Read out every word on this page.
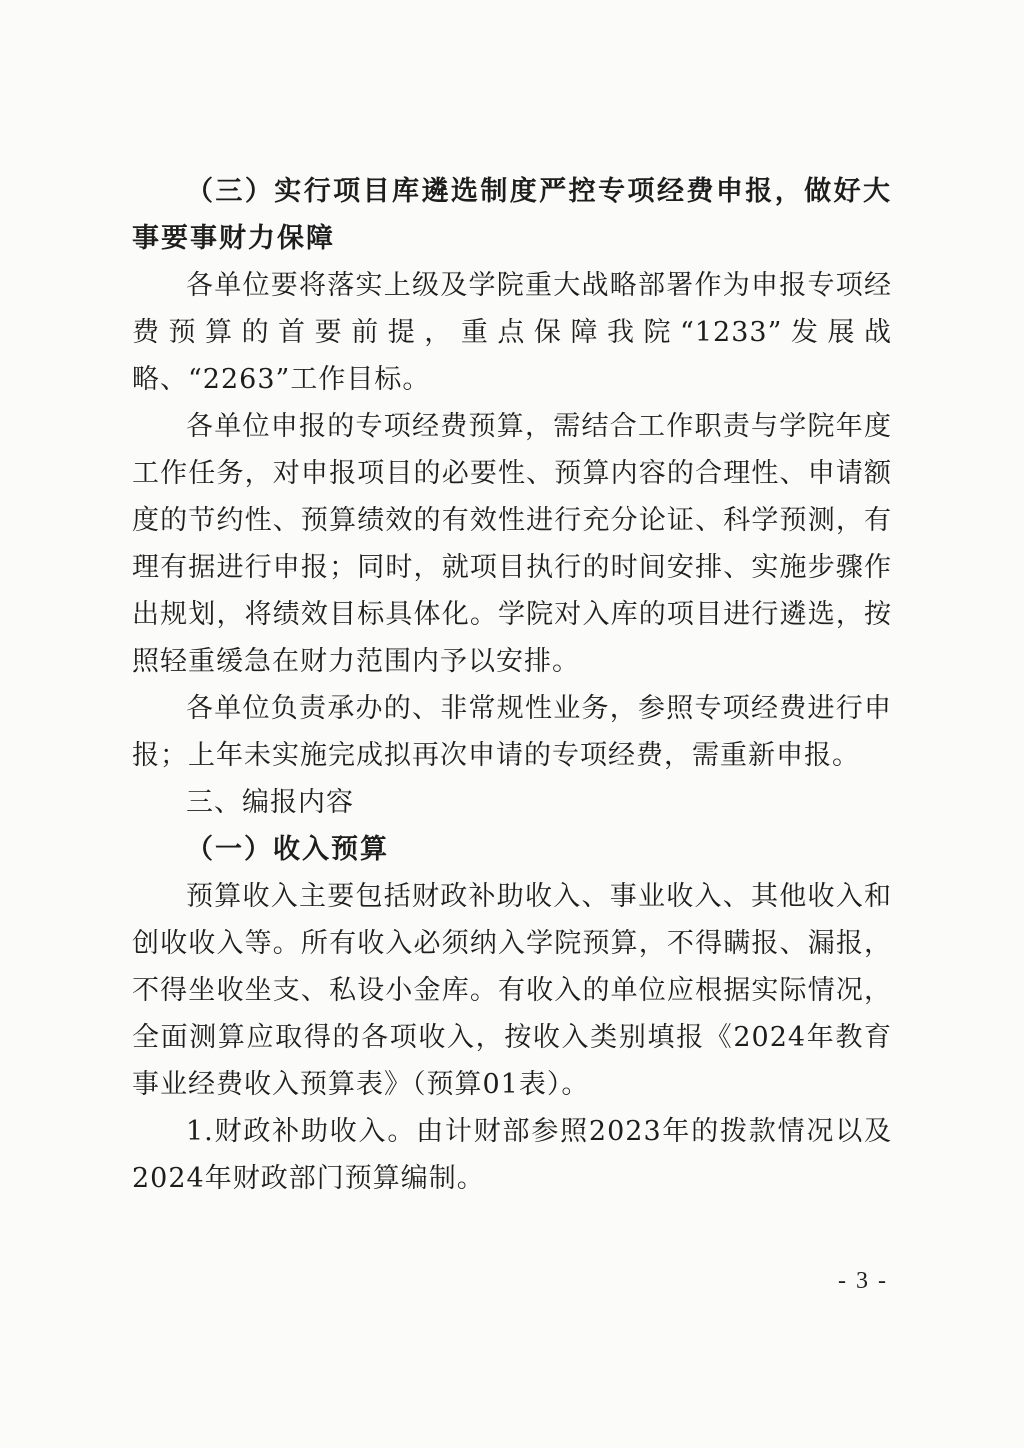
（三）实行项目库遴选制度严控专项经费申报，做好大事要事财力保障

各单位要将落实上级及学院重大战略部署作为申报专项经费预算的首要前提，重点保障我院“1233”发展战略、“2263”工作目标。

各单位申报的专项经费预算，需结合工作职责与学院年度工作任务，对申报项目的必要性、预算内容的合理性、申请额度的节约性、预算绩效的有效性进行充分论证、科学预测，有理有据进行申报；同时，就项目执行的时间安排、实施步骤作出规划，将绩效目标具体化。学院对入库的项目进行遴选，按照轻重缓急在财力范围内予以安排。

各单位负责承办的、非常规性业务，参照专项经费进行申报；上年未实施完成拟再次申请的专项经费，需重新申报。

三、编报内容

（一）收入预算

预算收入主要包括财政补助收入、事业收入、其他收入和创收收入等。所有收入必须纳入学院预算，不得瞒报、漏报，不得坐收坐支、私设小金库。有收入的单位应根据实际情况，全面测算应取得的各项收入，按收入类别填报《2024年教育事业经费收入预算表》（预算01表）。

1.财政补助收入。由计财部参照2023年的拨款情况以及2024年财政部门预算编制。

- 3 -
